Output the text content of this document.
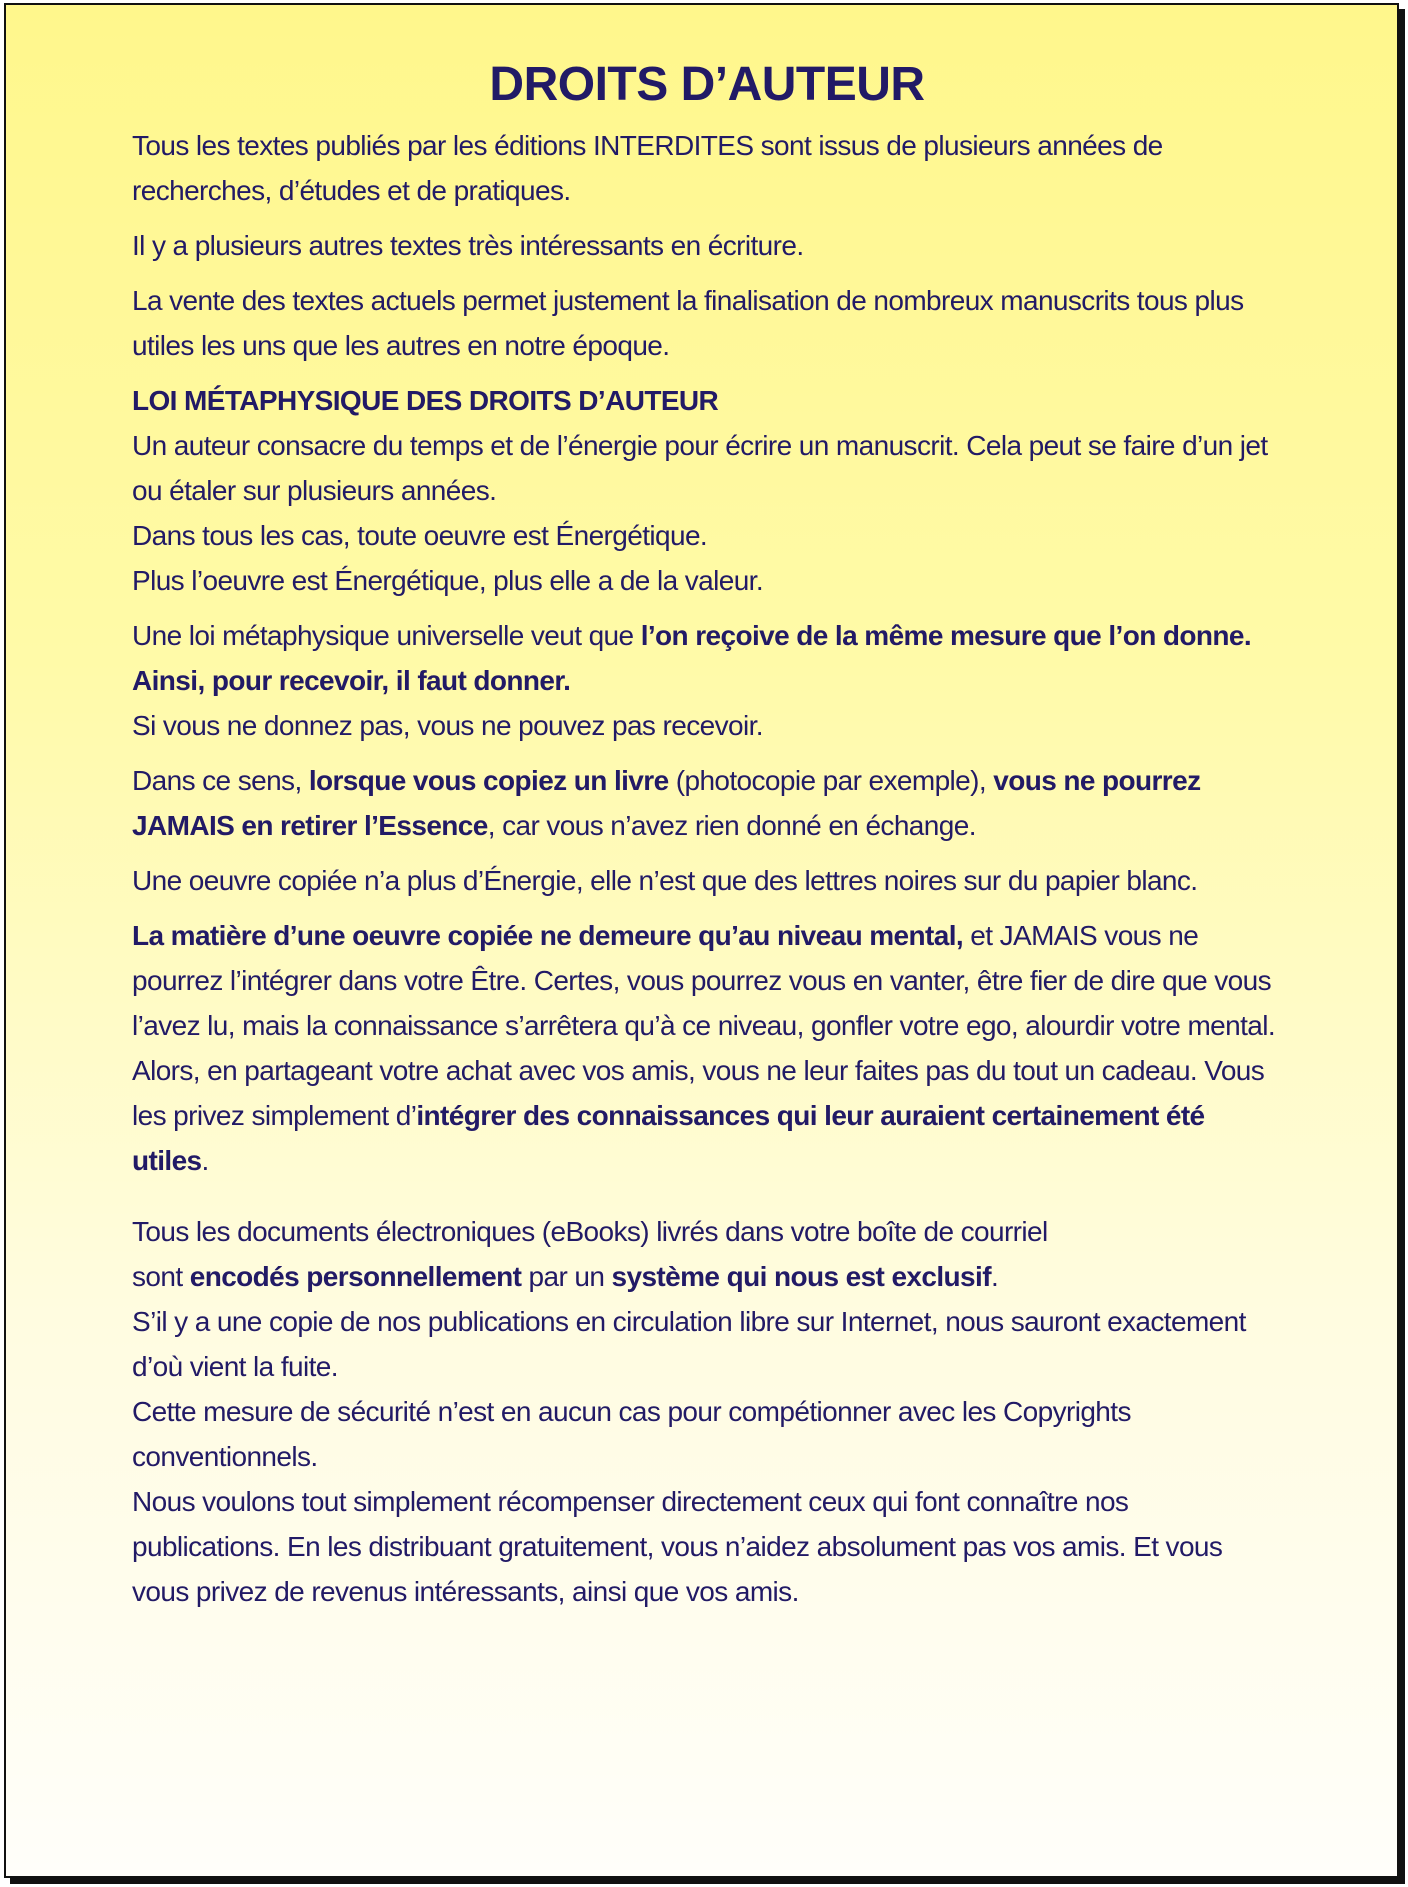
DROITS D’AUTEUR

Tous les textes publiés par les éditions INTERDITES sont issus de plusieurs années de recherches, d’études et de pratiques.

Il y a plusieurs autres textes très intéressants en écriture.

La vente des textes actuels permet justement la finalisation de nombreux manuscrits tous plus utiles les uns que les autres en notre époque.

LOI MÉTAPHYSIQUE DES DROITS D’AUTEUR

Un auteur consacre du temps et de l’énergie pour écrire un manuscrit. Cela peut se faire d’un jet ou étaler sur plusieurs années.

Dans tous les cas, toute oeuvre est Énergétique.

Plus l’oeuvre est Énergétique, plus elle a de la valeur.

Une loi métaphysique universelle veut que l’on reçoive de la même mesure que l’on donne.

Ainsi, pour recevoir, il faut donner.

Si vous ne donnez pas, vous ne pouvez pas recevoir.

Dans ce sens, lorsque vous copiez un livre (photocopie par exemple), vous ne pourrez JAMAIS en retirer l’Essence, car vous n’avez rien donné en échange.

Une oeuvre copiée n’a plus d’Énergie, elle n’est que des lettres noires sur du papier blanc.

La matière d’une oeuvre copiée ne demeure qu’au niveau mental, et JAMAIS vous ne pourrez l’intégrer dans votre Être. Certes, vous pourrez vous en vanter, être fier de dire que vous l’avez lu, mais la connaissance s’arrêtera qu’à ce niveau, gonfler votre ego, alourdir votre mental.

Alors, en partageant votre achat avec vos amis, vous ne leur faites pas du tout un cadeau. Vous les privez simplement d’intégrer des connaissances qui leur auraient certainement été utiles.

Tous les documents électroniques (eBooks) livrés dans votre boîte de courriel

sont encodés personnellement par un système qui nous est exclusif.

S’il y a une copie de nos publications en circulation libre sur Internet, nous sauront exactement d’où vient la fuite.

Cette mesure de sécurité n’est en aucun cas pour compétionner avec les Copyrights conventionnels.

Nous voulons tout simplement récompenser directement ceux qui font connaître nos publications. En les distribuant gratuitement, vous n’aidez absolument pas vos amis. Et vous vous privez de revenus intéressants, ainsi que vos amis.
